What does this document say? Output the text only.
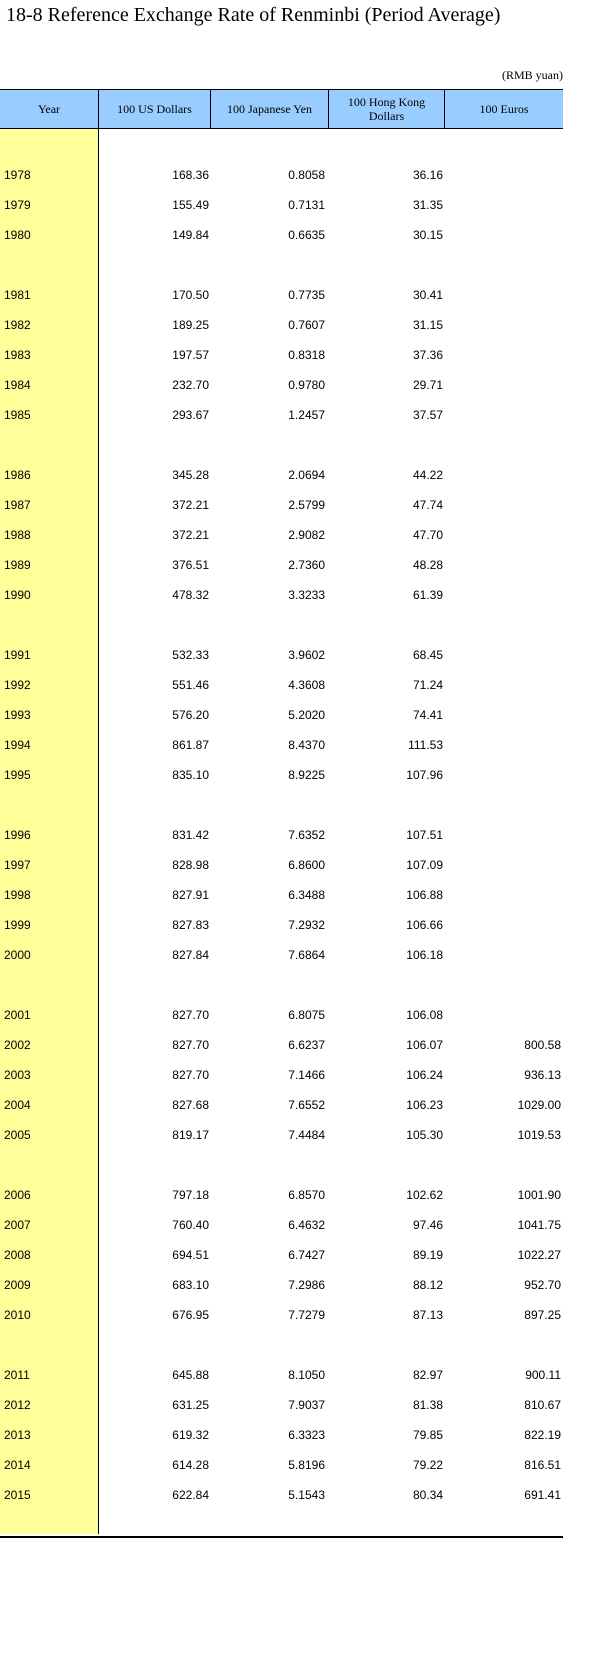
18-8 Reference Exchange Rate of Renminbi (Period Average)
(RMB yuan)
Year	100 US Dollars	100 Japanese Yen	100 Hong Kong Dollars	100 Euros
1978	168.36	0.8058	36.16
1979	155.49	0.7131	31.35
1980	149.84	0.6635	30.15
1981	170.50	0.7735	30.41
1982	189.25	0.7607	31.15
1983	197.57	0.8318	37.36
1984	232.70	0.9780	29.71
1985	293.67	1.2457	37.57
1986	345.28	2.0694	44.22
1987	372.21	2.5799	47.74
1988	372.21	2.9082	47.70
1989	376.51	2.7360	48.28
1990	478.32	3.3233	61.39
1991	532.33	3.9602	68.45
1992	551.46	4.3608	71.24
1993	576.20	5.2020	74.41
1994	861.87	8.4370	111.53
1995	835.10	8.9225	107.96
1996	831.42	7.6352	107.51
1997	828.98	6.8600	107.09
1998	827.91	6.3488	106.88
1999	827.83	7.2932	106.66
2000	827.84	7.6864	106.18
2001	827.70	6.8075	106.08
2002	827.70	6.6237	106.07	800.58
2003	827.70	7.1466	106.24	936.13
2004	827.68	7.6552	106.23	1029.00
2005	819.17	7.4484	105.30	1019.53
2006	797.18	6.8570	102.62	1001.90
2007	760.40	6.4632	97.46	1041.75
2008	694.51	6.7427	89.19	1022.27
2009	683.10	7.2986	88.12	952.70
2010	676.95	7.7279	87.13	897.25
2011	645.88	8.1050	82.97	900.11
2012	631.25	7.9037	81.38	810.67
2013	619.32	6.3323	79.85	822.19
2014	614.28	5.8196	79.22	816.51
2015	622.84	5.1543	80.34	691.41
